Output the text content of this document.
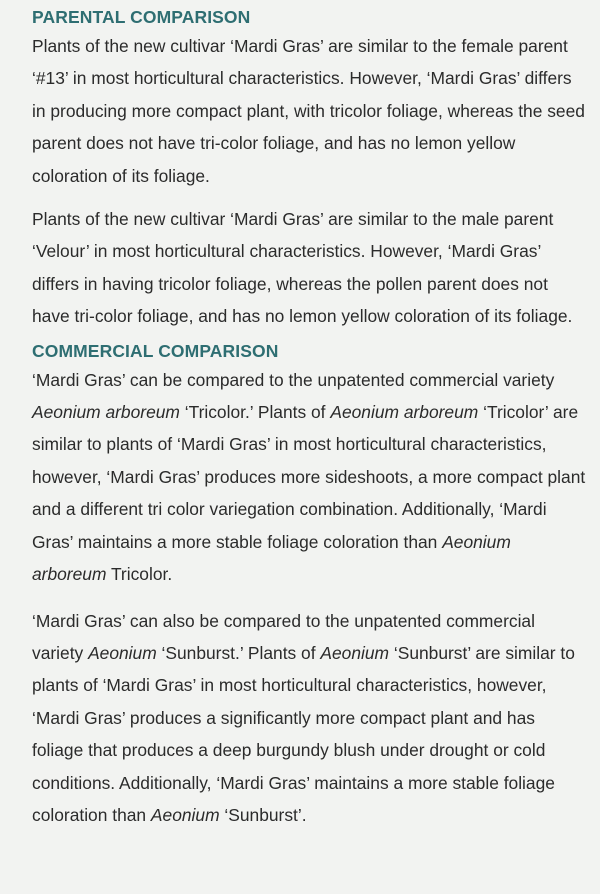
PARENTAL COMPARISON

Plants of the new cultivar ‘Mardi Gras’ are similar to the female parent ‘#13’ in most horticultural characteristics. However, ‘Mardi Gras’ differs in producing more compact plant, with tricolor foliage, whereas the seed parent does not have tri-color foliage, and has no lemon yellow coloration of its foliage.

Plants of the new cultivar ‘Mardi Gras’ are similar to the male parent ‘Velour’ in most horticultural characteristics. However, ‘Mardi Gras’ differs in having tricolor foliage, whereas the pollen parent does not have tri-color foliage, and has no lemon yellow coloration of its foliage.

COMMERCIAL COMPARISON

‘Mardi Gras’ can be compared to the unpatented commercial variety Aeonium arboreum ‘Tricolor.’ Plants of Aeonium arboreum ‘Tricolor’ are similar to plants of ‘Mardi Gras’ in most horticultural characteristics, however, ‘Mardi Gras’ produces more sideshoots, a more compact plant and a different tri color variegation combination. Additionally, ‘Mardi Gras’ maintains a more stable foliage coloration than Aeonium arboreum Tricolor.

‘Mardi Gras’ can also be compared to the unpatented commercial variety Aeonium ‘Sunburst.’ Plants of Aeonium ‘Sunburst’ are similar to plants of ‘Mardi Gras’ in most horticultural characteristics, however, ‘Mardi Gras’ produces a significantly more compact plant and has foliage that produces a deep burgundy blush under drought or cold conditions. Additionally, ‘Mardi Gras’ maintains a more stable foliage coloration than Aeonium ‘Sunburst’.
